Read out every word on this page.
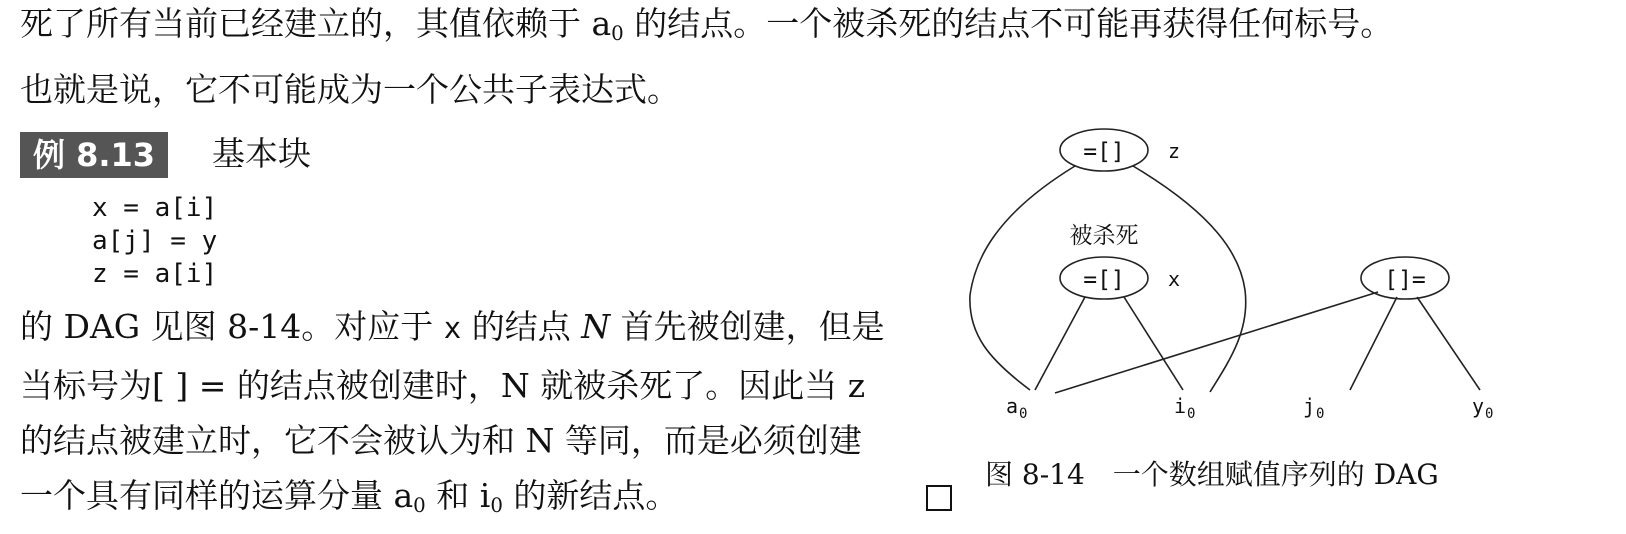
死了所有当前已经建立的，其值依赖于 $a_0$ 的结点。一个被杀死的结点不可能再获得任何标号。
也就是说，它不可能成为一个公共子表达式。
例 8.13	基本块
x = a[i]
a[j] = y
z = a[i]
的 DAG 见图 8-14。对应于 x 的结点 N 首先被创建，但是
当标号为[ ] = 的结点被创建时，N 就被杀死了。因此当 z
的结点被建立时，它不会被认为和 N 等同，而是必须创建
一个具有同样的运算分量 $a_0$ 和 $i_0$ 的新结点。
=[] z
被杀死
=[] x	[]=
a 0	i 0	j 0	y 0
图 8-14　一个数组赋值序列的 DAG
